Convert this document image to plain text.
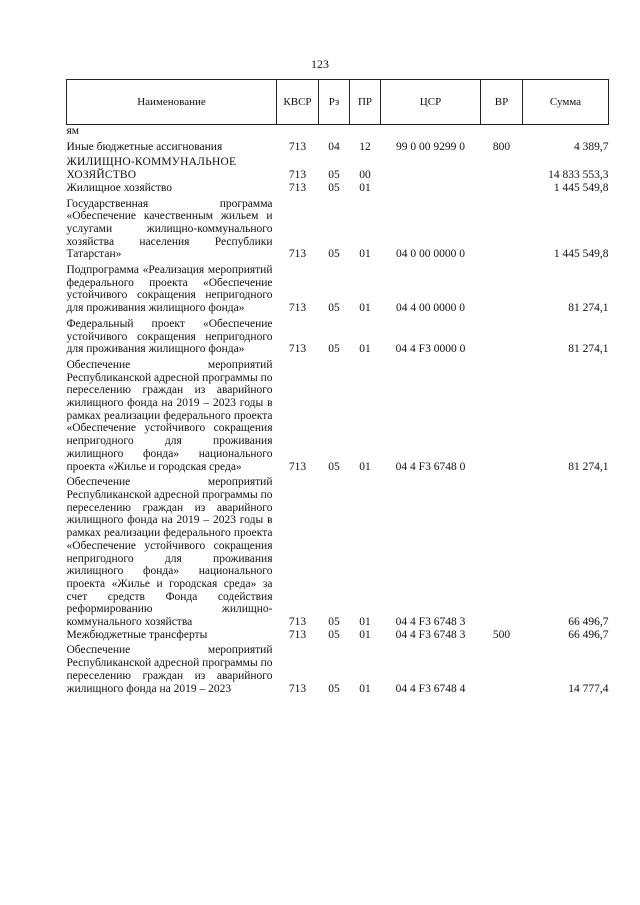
123
Наименование	КВСР	Рз	ПР	ЦСР	ВР	Сумма
ям						
Иные бюджетные ассигнования	713	04	12	99 0 00 9299 0	800	4 389,7
ЖИЛИЩНО-КОММУНАЛЬНОЕ ХОЗЯЙСТВО	713	05	00			14 833 553,3
Жилищное хозяйство	713	05	01			1 445 549,8
Государственная программа «Обеспечение качественным жильем и услугами жилищно-коммунального хозяйства населения Республики Татарстан»	713	05	01	04 0 00 0000 0		1 445 549,8
Подпрограмма «Реализация мероприятий федерального проекта «Обеспечение устойчивого сокращения непригодного для проживания жилищного фонда»	713	05	01	04 4 00 0000 0		81 274,1
Федеральный проект «Обеспечение устойчивого сокращения непригодного для проживания жилищного фонда»	713	05	01	04 4 F3 0000 0		81 274,1
Обеспечение мероприятий Республиканской адресной программы по переселению граждан из аварийного жилищного фонда на 2019 – 2023 годы в рамках реализации федерального проекта «Обеспечение устойчивого сокращения непригодного для проживания жилищного фонда» национального проекта «Жилье и городская среда»	713	05	01	04 4 F3 6748 0		81 274,1
Обеспечение мероприятий Республиканской адресной программы по переселению граждан из аварийного жилищного фонда на 2019 – 2023 годы в рамках реализации федерального проекта «Обеспечение устойчивого сокращения непригодного для проживания жилищного фонда» национального проекта «Жилье и городская среда» за счет средств Фонда содействия реформированию жилищно-коммунального хозяйства	713	05	01	04 4 F3 6748 3		66 496,7
Межбюджетные трансферты	713	05	01	04 4 F3 6748 3	500	66 496,7
Обеспечение мероприятий Республиканской адресной программы по переселению граждан из аварийного жилищного фонда на 2019 – 2023	713	05	01	04 4 F3 6748 4		14 777,4
